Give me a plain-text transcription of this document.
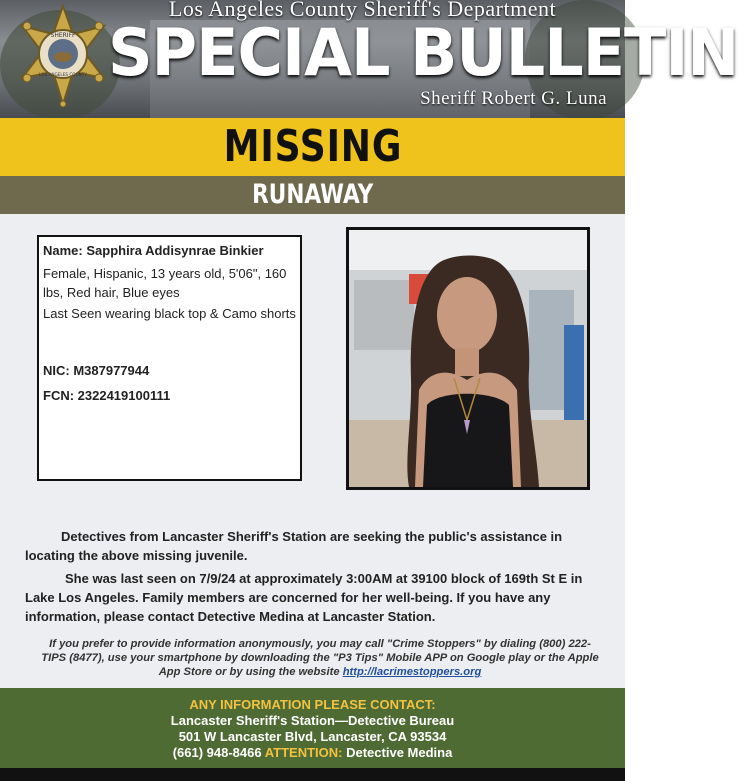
SHERIFF
LOS ANGELES COUNTY
Los Angeles County Sheriff's Department
SPECIAL BULLETIN
Sheriff Robert G. Luna
MISSING
RUNAWAY

Name: Sapphira Addisynrae Binkier

Female, Hispanic, 13 years old, 5'06", 160 lbs, Red hair, Blue eyes

Last Seen wearing black top & Camo shorts

NIC: M387977944

FCN: 2322419100111

Detectives from Lancaster Sheriff's Station are seeking the public's assistance in locating the above missing juvenile.

She was last seen on 7/9/24 at approximately 3:00AM at 39100 block of 169th St E in Lake Los Angeles. Family members are concerned for her well-being. If you have any information, please contact Detective Medina at Lancaster Station.

If you prefer to provide information anonymously, you may call "Crime Stoppers" by dialing (800) 222-TIPS (8477), use your smartphone by downloading the "P3 Tips" Mobile APP on Google play or the Apple App Store or by using the website http://lacrimestoppers.org
ANY INFORMATION PLEASE CONTACT:
Lancaster Sheriff's Station—Detective Bureau
501 W Lancaster Blvd, Lancaster, CA 93534
(661) 948-8466 ATTENTION: Detective Medina
